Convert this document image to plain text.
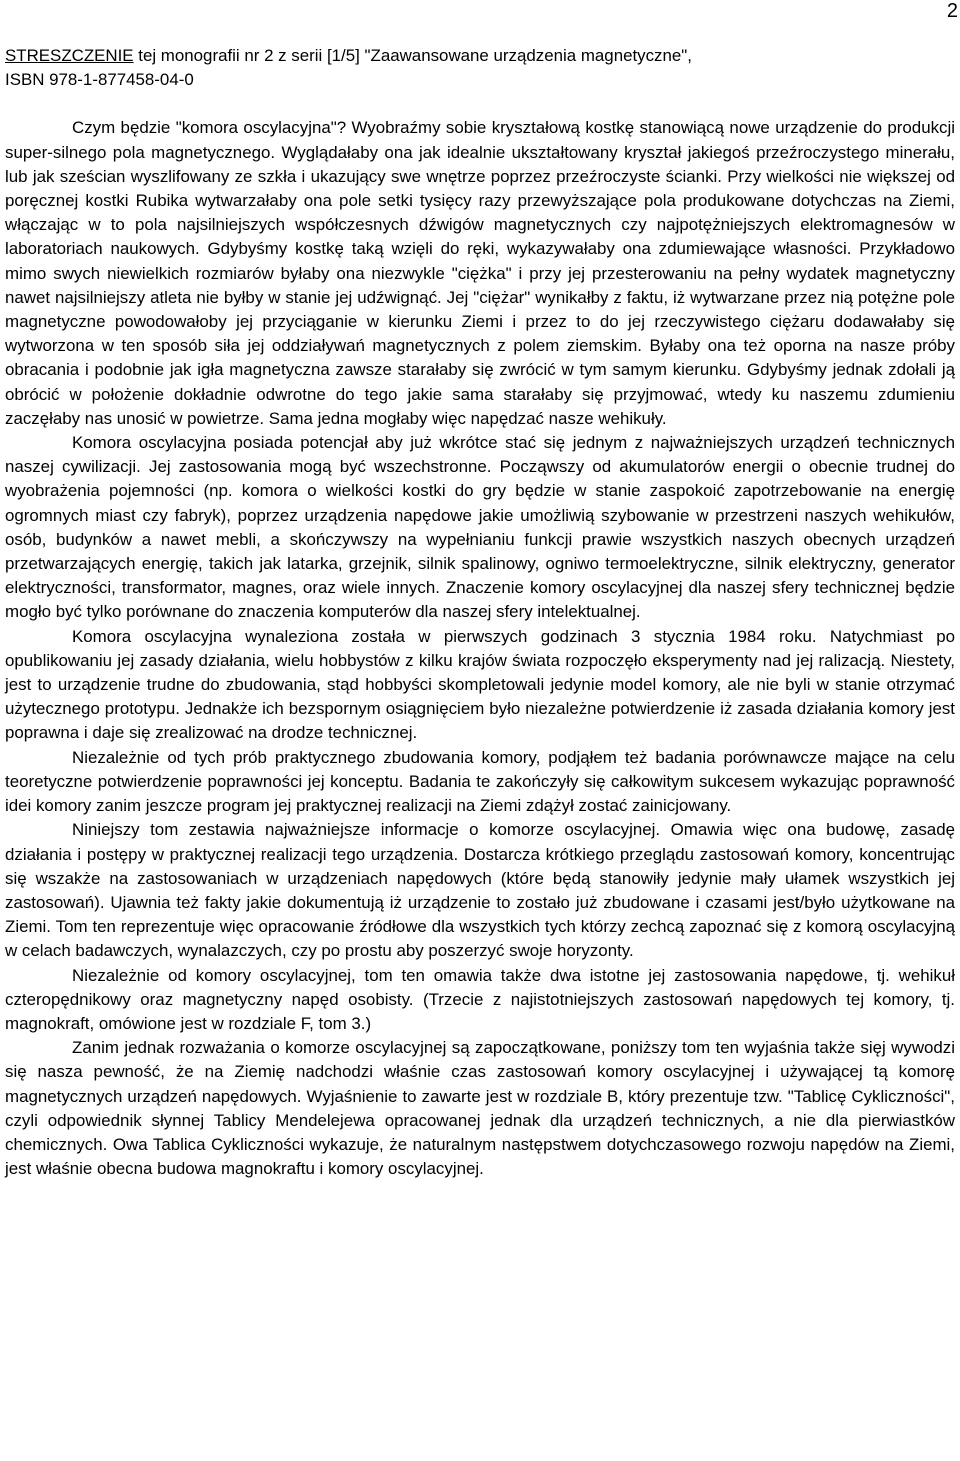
2

STRESZCZENIE tej monografii nr 2 z serii [1/5] "Zaawansowane urządzenia magnetyczne",
ISBN 978-1-877458-04-0

Czym będzie "komora oscylacyjna"? Wyobraźmy sobie kryształową kostkę stanowiącą nowe urządzenie do produkcji super-silnego pola magnetycznego. Wyglądałaby ona jak idealnie ukształtowany kryształ jakiegoś przeźroczystego minerału, lub jak sześcian wyszlifowany ze szkła i ukazujący swe wnętrze poprzez przeźroczyste ścianki. Przy wielkości nie większej od poręcznej kostki Rubika wytwarzałaby ona pole setki tysięcy razy przewyższające pola produkowane dotychczas na Ziemi, włączając w to pola najsilniejszych współczesnych dźwigów magnetycznych czy najpotężniejszych elektromagnesów w laboratoriach naukowych. Gdybyśmy kostkę taką wzięli do ręki, wykazywałaby ona zdumiewające własności. Przykładowo mimo swych niewielkich rozmiarów byłaby ona niezwykle "ciężka" i przy jej przesterowaniu na pełny wydatek magnetyczny nawet najsilniejszy atleta nie byłby w stanie jej udźwignąć. Jej "ciężar" wynikałby z faktu, iż wytwarzane przez nią potężne pole magnetyczne powodowałoby jej przyciąganie w kierunku Ziemi i przez to do jej rzeczywistego ciężaru dodawałaby się wytworzona w ten sposób siła jej oddziaływań magnetycznych z polem ziemskim. Byłaby ona też oporna na nasze próby obracania i podobnie jak igła magnetyczna zawsze starałaby się zwrócić w tym samym kierunku. Gdybyśmy jednak zdołali ją obrócić w położenie dokładnie odwrotne do tego jakie sama starałaby się przyjmować, wtedy ku naszemu zdumieniu zaczęłaby nas unosić w powietrze. Sama jedna mogłaby więc napędzać nasze wehikuły.

Komora oscylacyjna posiada potencjał aby już wkrótce stać się jednym z najważniejszych urządzeń technicznych naszej cywilizacji. Jej zastosowania mogą być wszechstronne. Począwszy od akumulatorów energii o obecnie trudnej do wyobrażenia pojemności (np. komora o wielkości kostki do gry będzie w stanie zaspokoić zapotrzebowanie na energię ogromnych miast czy fabryk), poprzez urządzenia napędowe jakie umożliwią szybowanie w przestrzeni naszych wehikułów, osób, budynków a nawet mebli, a skończywszy na wypełnianiu funkcji prawie wszystkich naszych obecnych urządzeń przetwarzających energię, takich jak latarka, grzejnik, silnik spalinowy, ogniwo termoelektryczne, silnik elektryczny, generator elektryczności, transformator, magnes, oraz wiele innych. Znaczenie komory oscylacyjnej dla naszej sfery technicznej będzie mogło być tylko porównane do znaczenia komputerów dla naszej sfery intelektualnej.

Komora oscylacyjna wynaleziona została w pierwszych godzinach 3 stycznia 1984 roku. Natychmiast po opublikowaniu jej zasady działania, wielu hobbystów z kilku krajów świata rozpoczęło eksperymenty nad jej ralizacją. Niestety, jest to urządzenie trudne do zbudowania, stąd hobbyści skompletowali jedynie model komory, ale nie byli w stanie otrzymać użytecznego prototypu. Jednakże ich bezspornym osiągnięciem było niezależne potwierdzenie iż zasada działania komory jest poprawna i daje się zrealizować na drodze technicznej.

Niezależnie od tych prób praktycznego zbudowania komory, podjąłem też badania porównawcze mające na celu teoretyczne potwierdzenie poprawności jej konceptu. Badania te zakończyły się całkowitym sukcesem wykazując poprawność idei komory zanim jeszcze program jej praktycznej realizacji na Ziemi zdążył zostać zainicjowany.

Niniejszy tom zestawia najważniejsze informacje o komorze oscylacyjnej. Omawia więc ona budowę, zasadę działania i postępy w praktycznej realizacji tego urządzenia. Dostarcza krótkiego przeglądu zastosowań komory, koncentrując się wszakże na zastosowaniach w urządzeniach napędowych (które będą stanowiły jedynie mały ułamek wszystkich jej zastosowań). Ujawnia też fakty jakie dokumentują iż urządzenie to zostało już zbudowane i czasami jest/było użytkowane na Ziemi. Tom ten reprezentuje więc opracowanie źródłowe dla wszystkich tych którzy zechcą zapoznać się z komorą oscylacyjną w celach badawczych, wynalazczych, czy po prostu aby poszerzyć swoje horyzonty.

Niezależnie od komory oscylacyjnej, tom ten omawia także dwa istotne jej zastosowania napędowe, tj. wehikuł czteropędnikowy oraz magnetyczny napęd osobisty. (Trzecie z najistotniejszych zastosowań napędowych tej komory, tj. magnokraft, omówione jest w rozdziale F, tom 3.)

Zanim jednak rozważania o komorze oscylacyjnej są zapoczątkowane, poniższy tom ten wyjaśnia także sięj wywodzi się nasza pewność, że na Ziemię nadchodzi właśnie czas zastosowań komory oscylacyjnej i używającej tą komorę magnetycznych urządzeń napędowych. Wyjaśnienie to zawarte jest w rozdziale B, który prezentuje tzw. "Tablicę Cykliczności", czyli odpowiednik słynnej Tablicy Mendelejewa opracowanej jednak dla urządzeń technicznych, a nie dla pierwiastków chemicznych. Owa Tablica Cykliczności wykazuje, że naturalnym następstwem dotychczasowego rozwoju napędów na Ziemi, jest właśnie obecna budowa magnokraftu i komory oscylacyjnej.
